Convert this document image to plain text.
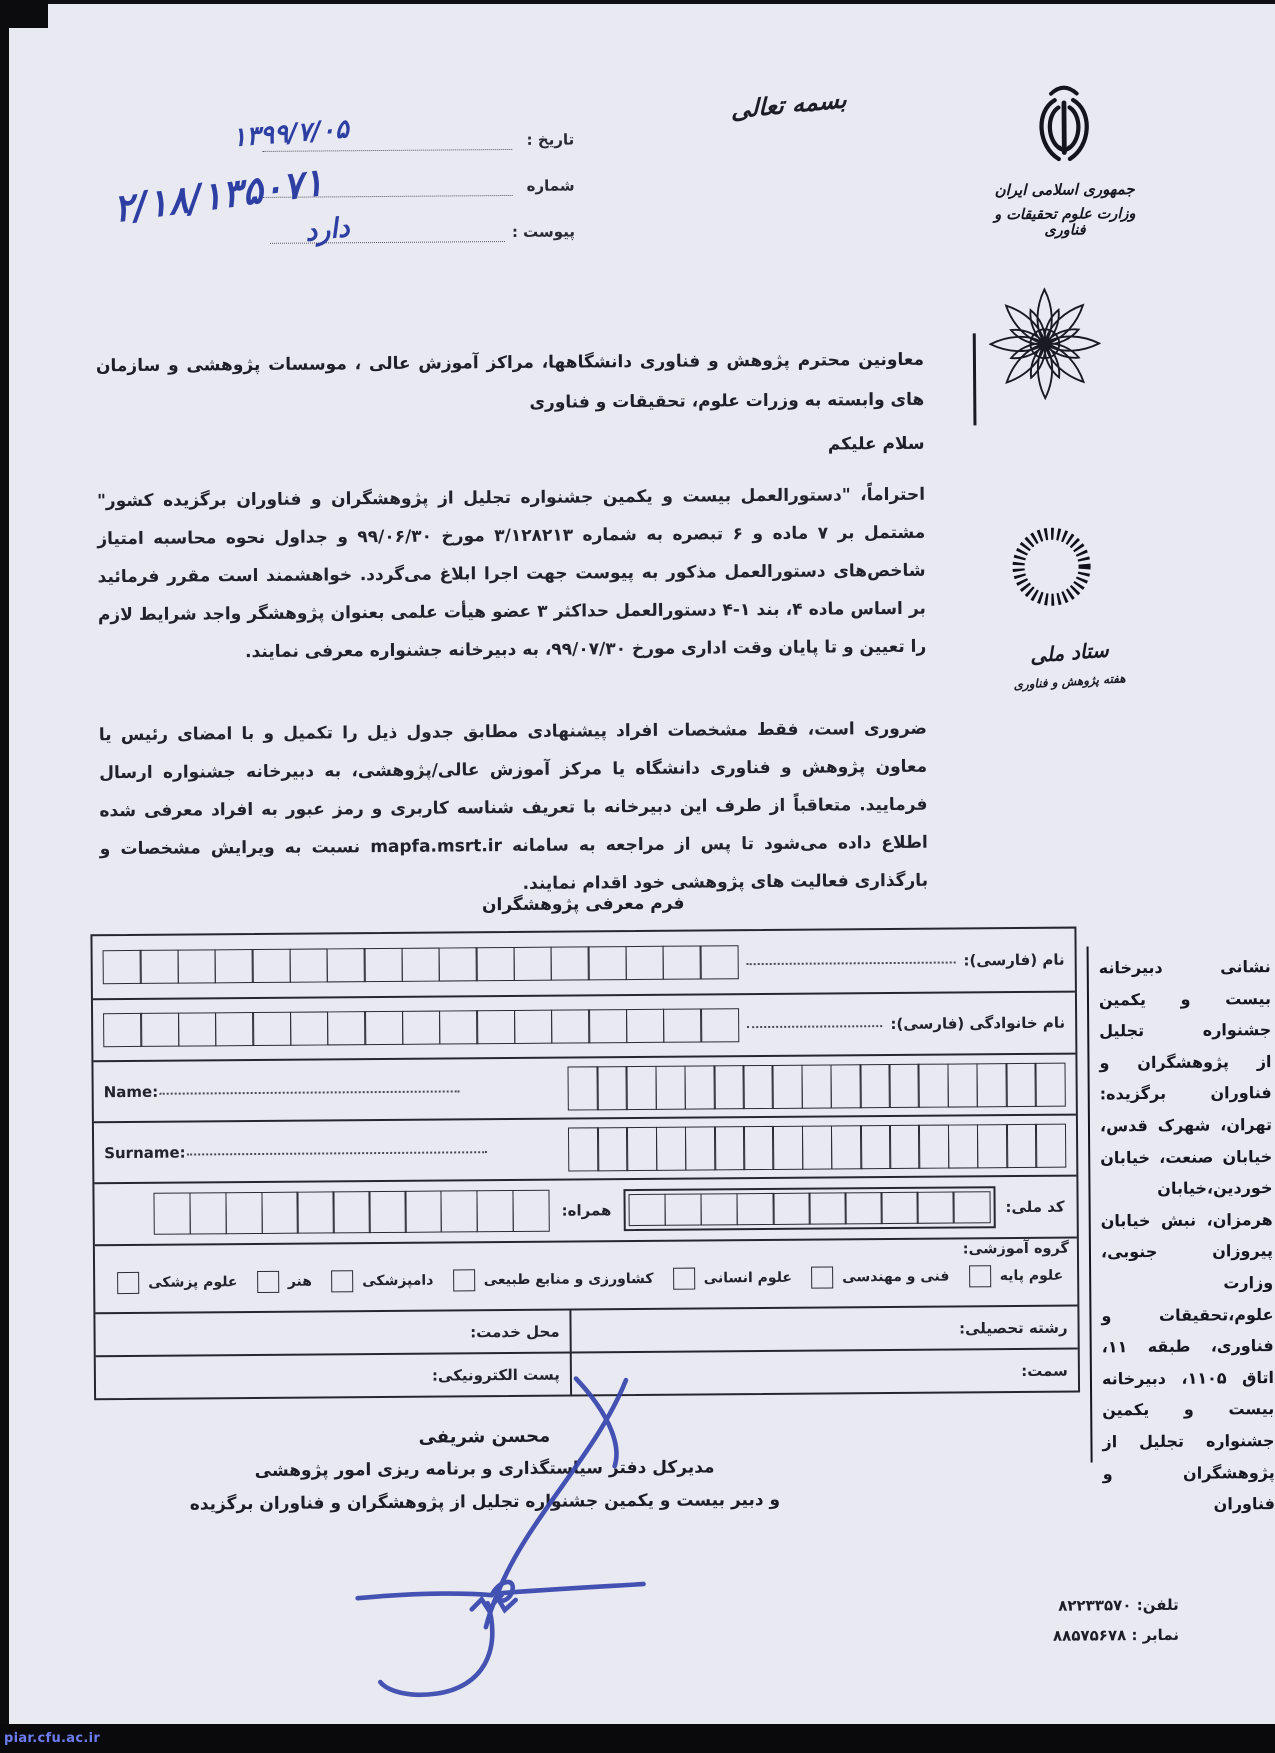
بسمه تعالی
جمهوری اسلامی ایران
وزارت علوم تحقیقات و فناوری
تاریخ :
۱۳۹۹/۷/۰۵
شماره
۲/۱۸/۱۳۵۰۷۱
پیوست :
دارد
ستاد ملی
هفته پژوهش و فناوری
معاونین محترم پژوهش و فناوری دانشگاهها، مراکز آموزش عالی ، موسسات پژوهشی و سازمان های وابسته به وزرات علوم، تحقیقات و فناوری
سلام علیکم
احتراماً، "دستورالعمل بیست و یکمین جشنواره تجلیل از پژوهشگران و فناوران برگزیده کشور" مشتمل بر ۷ ماده و ۶ تبصره به شماره ۳/۱۲۸۲۱۳ مورخ ۹۹/۰۶/۳۰ و جداول نحوه محاسبه امتیاز شاخص‌های دستورالعمل مذکور به پیوست جهت اجرا ابلاغ می‌گردد. خواهشمند است مقرر فرمائید بر اساس ماده ۴، بند ۱-۴ دستورالعمل حداکثر ۳ عضو هیأت علمی بعنوان پژوهشگر واجد شرایط لازم را تعیین و تا پایان وقت اداری مورخ ۹۹/۰۷/۳۰، به دبیرخانه جشنواره معرفی نمایند.
ضروری است، فقط مشخصات افراد پیشنهادی مطابق جدول ذیل را تکمیل و با امضای رئیس یا معاون پژوهش و فناوری دانشگاه یا مرکز آموزش عالی/پژوهشی، به دبیرخانه جشنواره ارسال فرمایید. متعاقباً از طرف این دبیرخانه با تعریف شناسه کاربری و رمز عبور به افراد معرفی شده اطلاع داده می‌شود تا پس از مراجعه به سامانه mapfa.msrt.ir نسبت به ویرایش مشخصات و بارگذاری فعالیت های پژوهشی خود اقدام نمایند.
فرم معرفی پژوهشگران
نام (فارسی):
نام خانوادگی (فارسی):
Name:
Surname:
کد ملی:
همراه:
گروه آموزشی:
علوم پایه
فنی و مهندسی
علوم انسانی
کشاورزی و منابع طبیعی
دامپزشکی
هنر
علوم پزشکی
رشته تحصیلی:
محل خدمت:
سمت:
پست الکترونیکی:
محسن شریفی
مدیرکل دفتر سیاستگذاری و برنامه ریزی امور پژوهشی
و دبیر بیست و یکمین جشنواره تجلیل از پژوهشگران و فناوران برگزیده
نشانی دبیرخانه
بیست و یکمین
جشنواره تجلیل
از پژوهشگران و
فناوران برگزیده:
تهران، شهرک قدس،
خیابان صنعت، خیابان
خوردین،خیابان
هرمزان، نبش خیابان
پیروزان جنوبی، وزارت
علوم،تحقیقات و
فناوری، طبقه ۱۱،
اتاق ۱۱۰۵، دبیرخانه
بیست و یکمین
جشنواره تجلیل از
پژوهشگران و فناوران
تلفن: ۸۲۲۳۳۵۷۰
نمابر : ۸۸۵۷۵۶۷۸
piar.cfu.ac.ir
